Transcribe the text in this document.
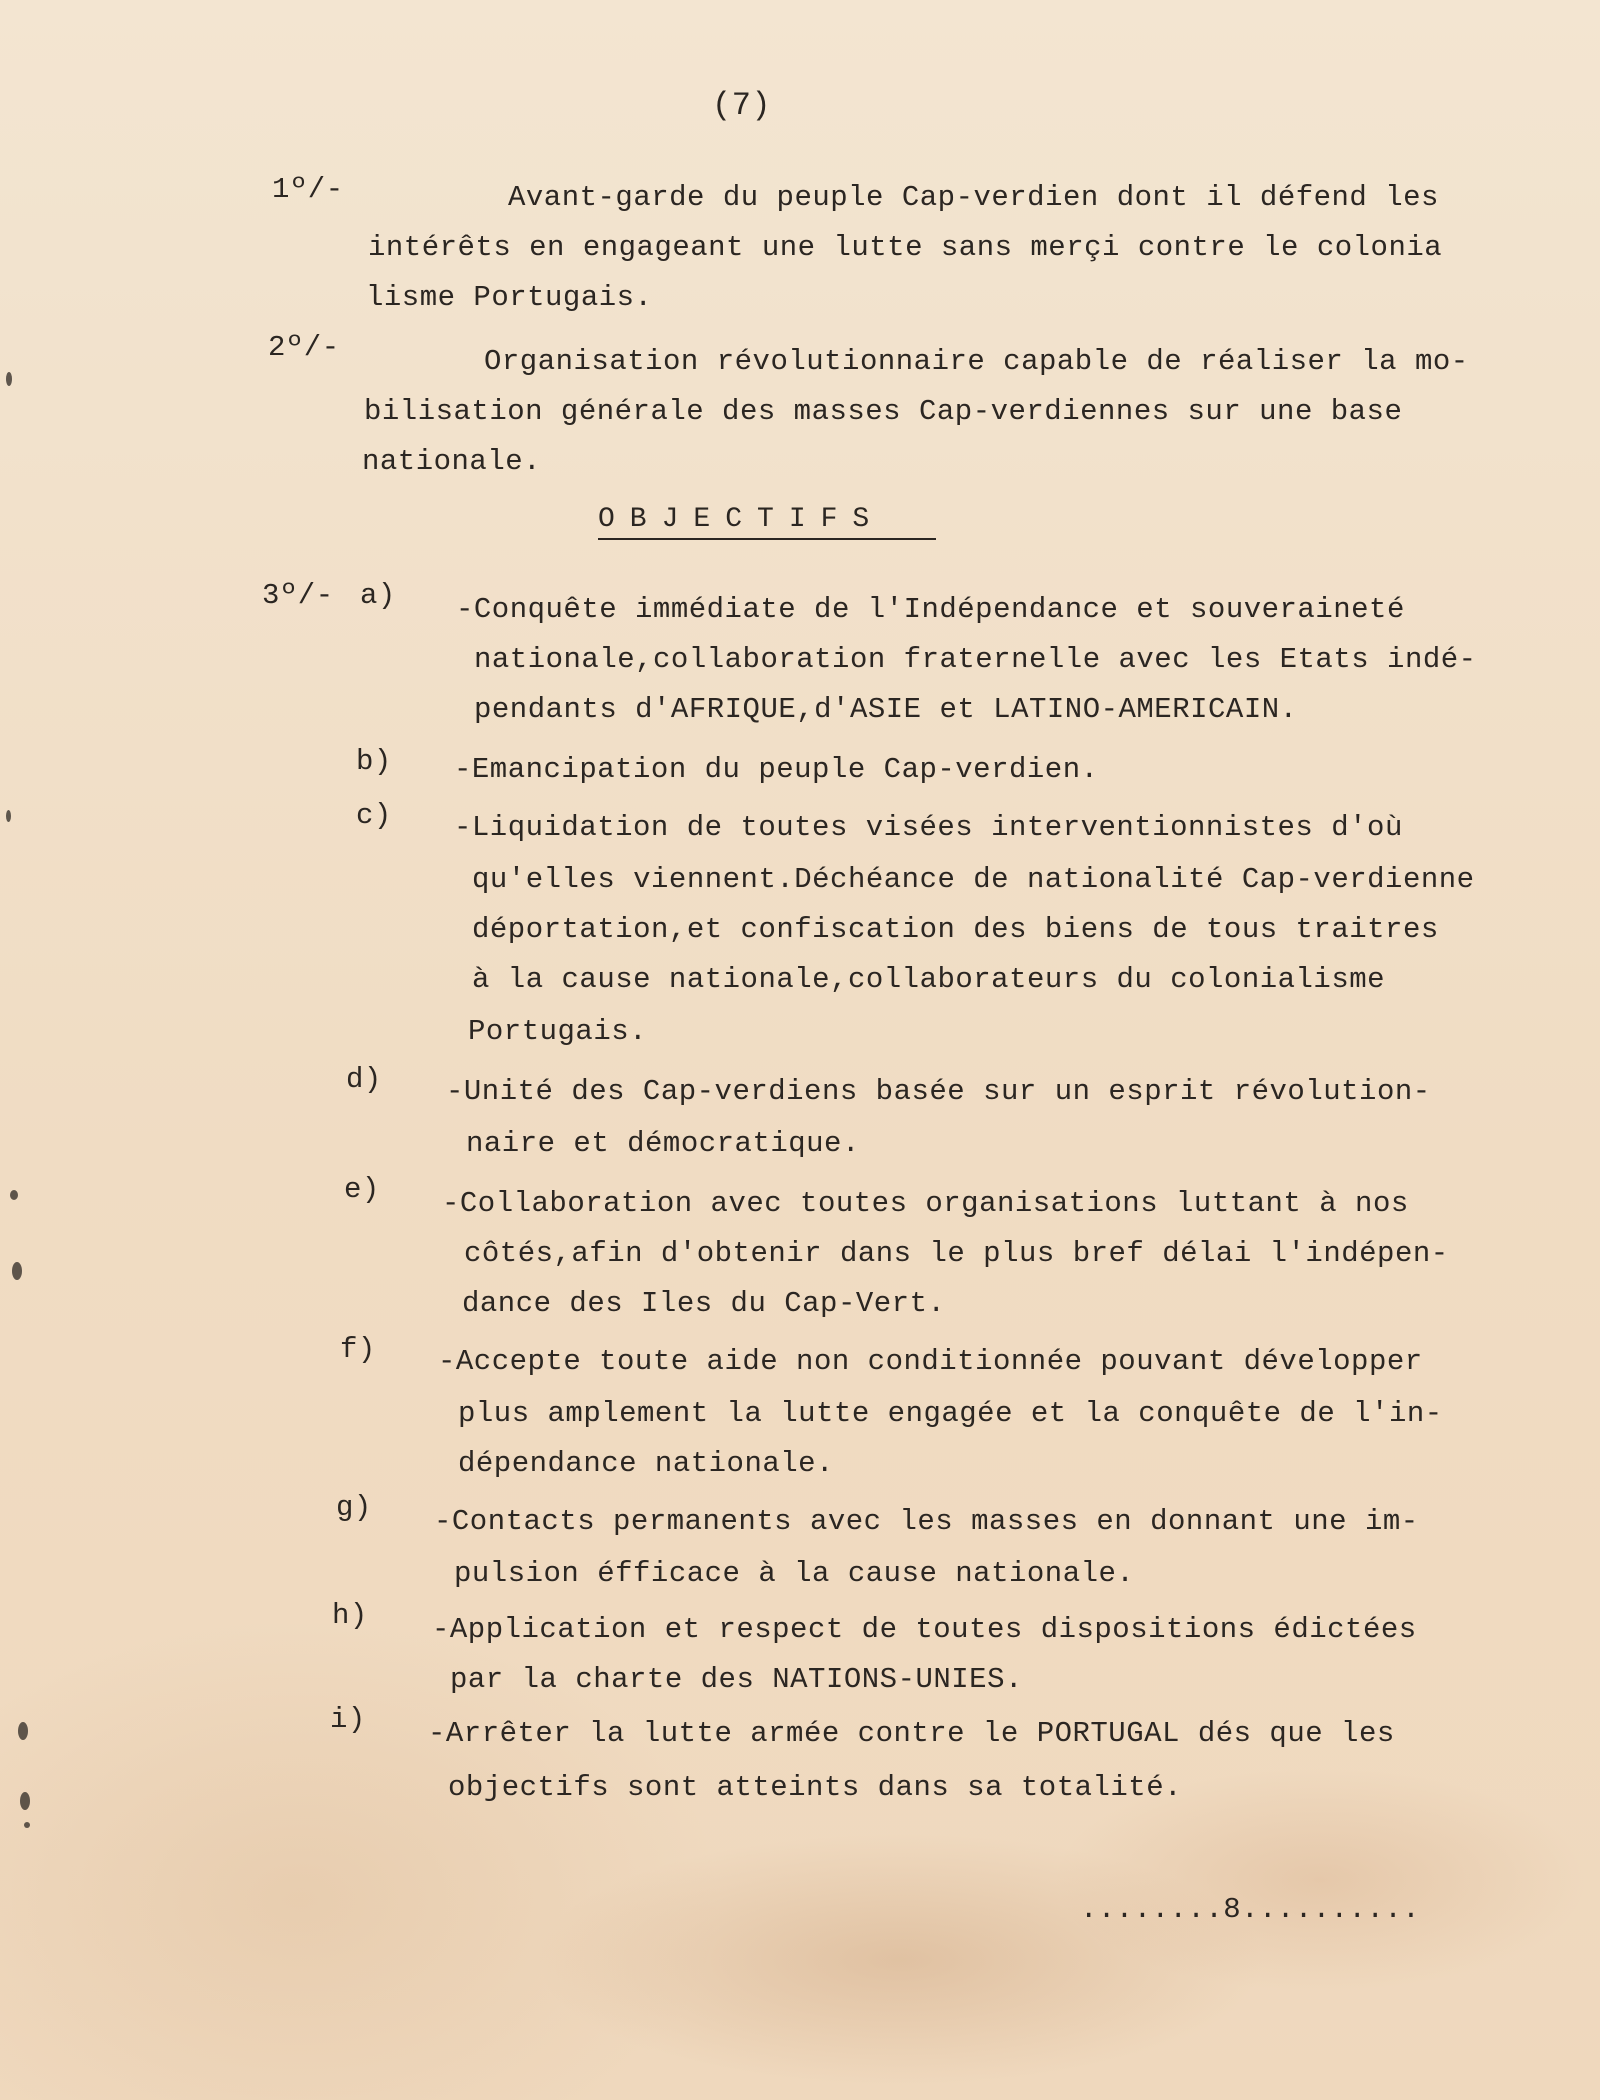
(7)
1º/-	Avant-garde du peuple Cap-verdien dont il défend les
intérêts en engageant une lutte sans merçi contre le colonia
lisme Portugais.
2º/-	Organisation révolutionnaire capable de réaliser la mo-
bilisation générale des masses Cap-verdiennes sur une base
nationale.
OBJECTIFS
3º/- a) -Conquête immédiate de l'Indépendance et souveraineté
nationale,collaboration fraternelle avec les Etats indé-
pendants d'AFRIQUE,d'ASIE et LATINO-AMERICAIN.
b) -Emancipation du peuple Cap-verdien.
c) -Liquidation de toutes visées interventionnistes d'où
qu'elles viennent.Déchéance de nationalité Cap-verdienne
déportation,et confiscation des biens de tous traitres
à la cause nationale,collaborateurs du colonialisme
Portugais.
d) -Unité des Cap-verdiens basée sur un esprit révolution-
naire et démocratique.
e) -Collaboration avec toutes organisations luttant à nos
côtés,afin d'obtenir dans le plus bref délai l'indépen-
dance des Iles du Cap-Vert.
f) -Accepte toute aide non conditionnée pouvant développer
plus amplement la lutte engagée et la conquête de l'in-
dépendance nationale.
g) -Contacts permanents avec les masses en donnant une im-
pulsion éfficace à la cause nationale.
h) -Application et respect de toutes dispositions édictées
par la charte des NATIONS-UNIES.
i) -Arrêter la lutte armée contre le PORTUGAL dés que les
objectifs sont atteints dans sa totalité.
........8..........
